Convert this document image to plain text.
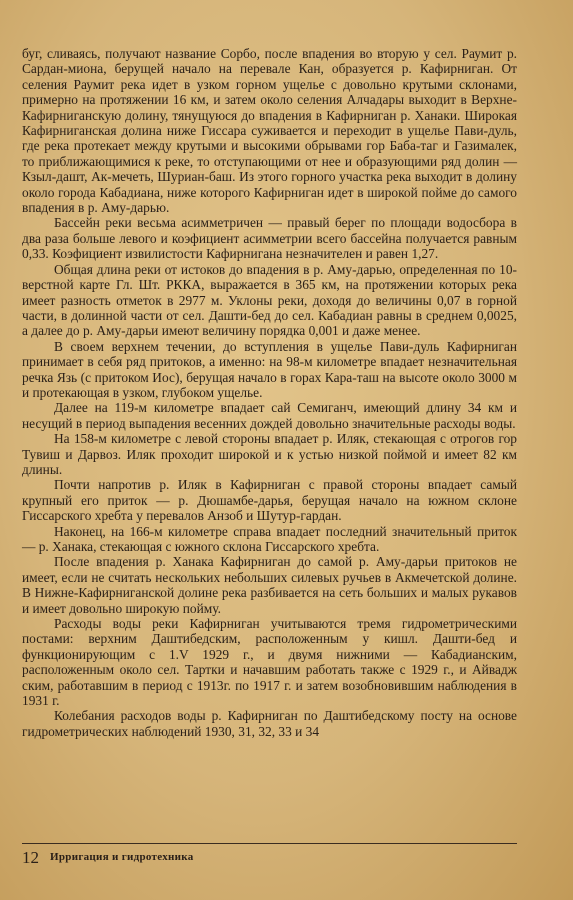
буг, сливаясь, получают название Сорбо, после впадения во вторую у сел. Раумит р. Сардан-миона, берущей начало на перевале Кан, образуется р. Кафирниган. От селения Раумит река идет в узком горном ущелье с довольно крутыми склонами, примерно на протяжении 16 км, и затем около селения Алчадары выходит в Верхне-Кафирниганскую долину, тянущуюся до впадения в Кафирниган р. Ханаки. Широкая Кафирниганская долина ниже Гиссара суживается и переходит в ущелье Пави-дуль, где река протекает между крутыми и высокими обрывами гор Баба-таг и Газималек, то приближающимися к реке, то отступающими от нее и образующими ряд долин — Кзыл-дашт, Ак-мечеть, Шуриан-баш. Из этого горного участка река выходит в долину около города Кабадиана, ниже которого Кафирниган идет в широкой пойме до самого впадения в р. Аму-дарью.

Бассейн реки весьма асимметричен — правый берег по площади водосбора в два раза больше левого и коэфициент асимметрии всего бассейна получается равным 0,33. Коэфициент извилистости Кафирнигана незначителен и равен 1,27.

Общая длина реки от истоков до впадения в р. Аму-дарью, определенная по 10-верстной карте Гл. Шт. РККА, выражается в 365 км, на протяжении которых река имеет разность отметок в 2977 м. Уклоны реки, доходя до величины 0,07 в горной части, в долинной части от сел. Дашти-бед до сел. Кабадиан равны в среднем 0,0025, а далее до р. Аму-дарьи имеют величину порядка 0,001 и даже менее.

В своем верхнем течении, до вступления в ущелье Пави-дуль Кафирниган принимает в себя ряд притоков, а именно: на 98-м километре впадает незначительная речка Язь (с притоком Иос), берущая начало в горах Кара-таш на высоте около 3000 м и протекающая в узком, глубоком ущелье.

Далее на 119-м километре впадает сай Семиганч, имеющий длину 34 км и несущий в период выпадения весенних дождей довольно значительные расходы воды.

На 158-м километре с левой стороны впадает р. Иляк, стекающая с отрогов гор Тувиш и Дарвоз. Иляк проходит широкой и к устью низкой поймой и имеет 82 км длины.

Почти напротив р. Иляк в Кафирниган с правой стороны впадает самый крупный его приток — р. Дюшамбе-дарья, берущая начало на южном склоне Гиссарского хребта у перевалов Анзоб и Шутур-гардан.

Наконец, на 166-м километре справа впадает последний значительный приток — р. Ханака, стекающая с южного склона Гиссарского хребта.

После впадения р. Ханака Кафирниган до самой р. Аму-дарьи притоков не имеет, если не считать нескольких небольших силевых ручьев в Акмечетской долине. В Нижне-Кафирниганской долине река разбивается на сеть больших и малых рукавов и имеет довольно широкую пойму.

Расходы воды реки Кафирниган учитываются тремя гидрометрическими постами: верхним Даштибедским, расположенным у кишл. Дашти-бед и функционирующим с 1.V 1929 г., и двумя нижними — Кабадианским, расположенным около сел. Тартки и начавшим работать также с 1929 г., и Айвадж ским, работавшим в период с 1913г. по 1917 г. и затем возобновившим наблюдения в 1931 г.

Колебания расходов воды р. Кафирниган по Даштибедскому посту на основе гидрометрических наблюдений 1930, 31, 32, 33 и 34

12 Ирригация и гидротехника
